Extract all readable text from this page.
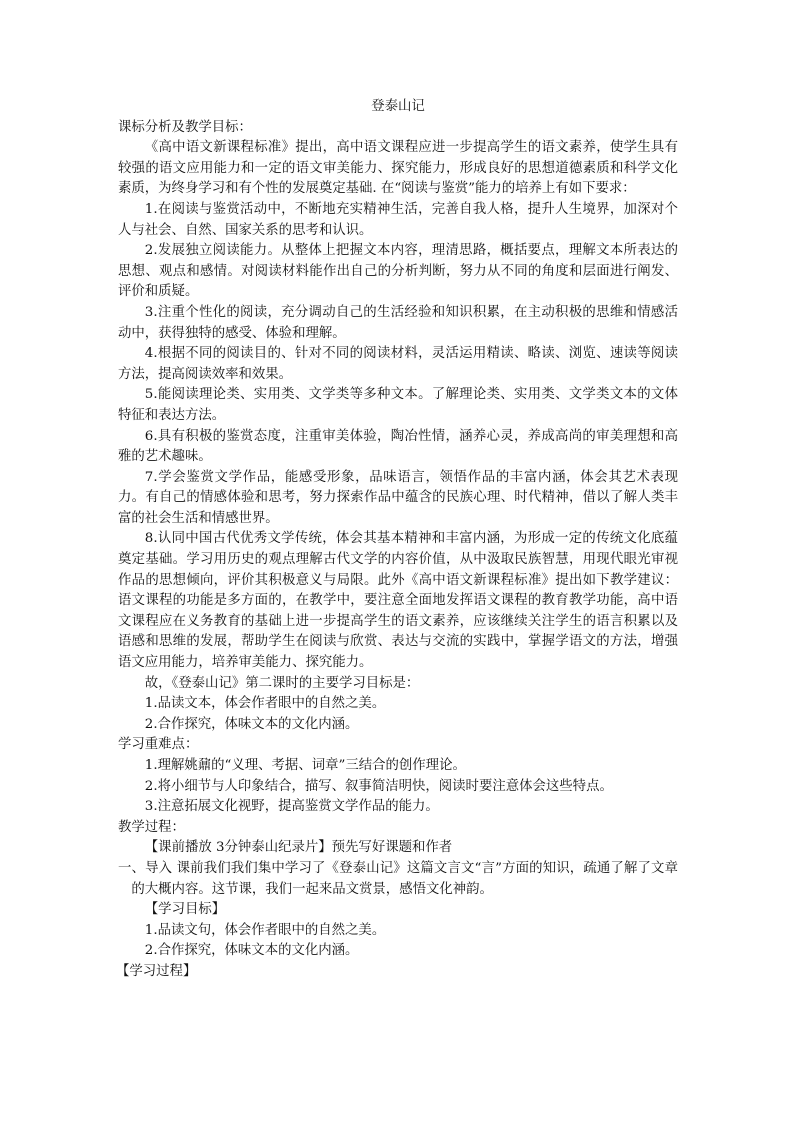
登泰山记

课标分析及教学目标：

《高中语文新课程标准》提出，高中语文课程应进一步提高学生的语文素养，使学生具有较强的语文应用能力和一定的语文审美能力、探究能力，形成良好的思想道德素质和科学文化素质，为终身学习和有个性的发展奠定基础. 在“阅读与鉴赏”能力的培养上有如下要求：

1.在阅读与鉴赏活动中，不断地充实精神生活，完善自我人格，提升人生境界，加深对个人与社会、自然、国家关系的思考和认识。

2.发展独立阅读能力。从整体上把握文本内容，理清思路，概括要点，理解文本所表达的思想、观点和感情。对阅读材料能作出自己的分析判断，努力从不同的角度和层面进行阐发、评价和质疑。

3.注重个性化的阅读，充分调动自己的生活经验和知识积累，在主动积极的思维和情感活动中，获得独特的感受、体验和理解。

4.根据不同的阅读目的、针对不同的阅读材料，灵活运用精读、略读、浏览、速读等阅读方法，提高阅读效率和效果。

5.能阅读理论类、实用类、文学类等多种文本。了解理论类、实用类、文学类文本的文体特征和表达方法。

6.具有积极的鉴赏态度，注重审美体验，陶冶性情，涵养心灵，养成高尚的审美理想和高雅的艺术趣味。

7.学会鉴赏文学作品，能感受形象，品味语言，领悟作品的丰富内涵，体会其艺术表现力。有自己的情感体验和思考，努力探索作品中蕴含的民族心理、时代精神，借以了解人类丰富的社会生活和情感世界。

8.认同中国古代优秀文学传统，体会其基本精神和丰富内涵，为形成一定的传统文化底蕴奠定基础。学习用历史的观点理解古代文学的内容价值，从中汲取民族智慧，用现代眼光审视作品的思想倾向，评价其积极意义与局限。此外《高中语文新课程标准》提出如下教学建议：语文课程的功能是多方面的，在教学中，要注意全面地发挥语文课程的教育教学功能，高中语文课程应在义务教育的基础上进一步提高学生的语文素养，应该继续关注学生的语言积累以及语感和思维的发展，帮助学生在阅读与欣赏、表达与交流的实践中，掌握学语文的方法，增强语文应用能力，培养审美能力、探究能力。

故，《登泰山记》第二课时的主要学习目标是：

1.品读文本，体会作者眼中的自然之美。

2.合作探究，体味文本的文化内涵。

学习重难点：

1.理解姚鼐的“义理、考据、词章”三结合的创作理论。

2.将小细节与人印象结合，描写、叙事简洁明快，阅读时要注意体会这些特点。

3.注意拓展文化视野，提高鉴赏文学作品的能力。

教学过程：

【课前播放 3分钟泰山纪录片】预先写好课题和作者

一、导入 课前我们我们集中学习了《登泰山记》这篇文言文“言”方面的知识，疏通了解了文章的大概内容。这节课，我们一起来品文赏景，感悟文化神韵。

【学习目标】

1.品读文句，体会作者眼中的自然之美。

2.合作探究，体味文本的文化内涵。

【学习过程】
